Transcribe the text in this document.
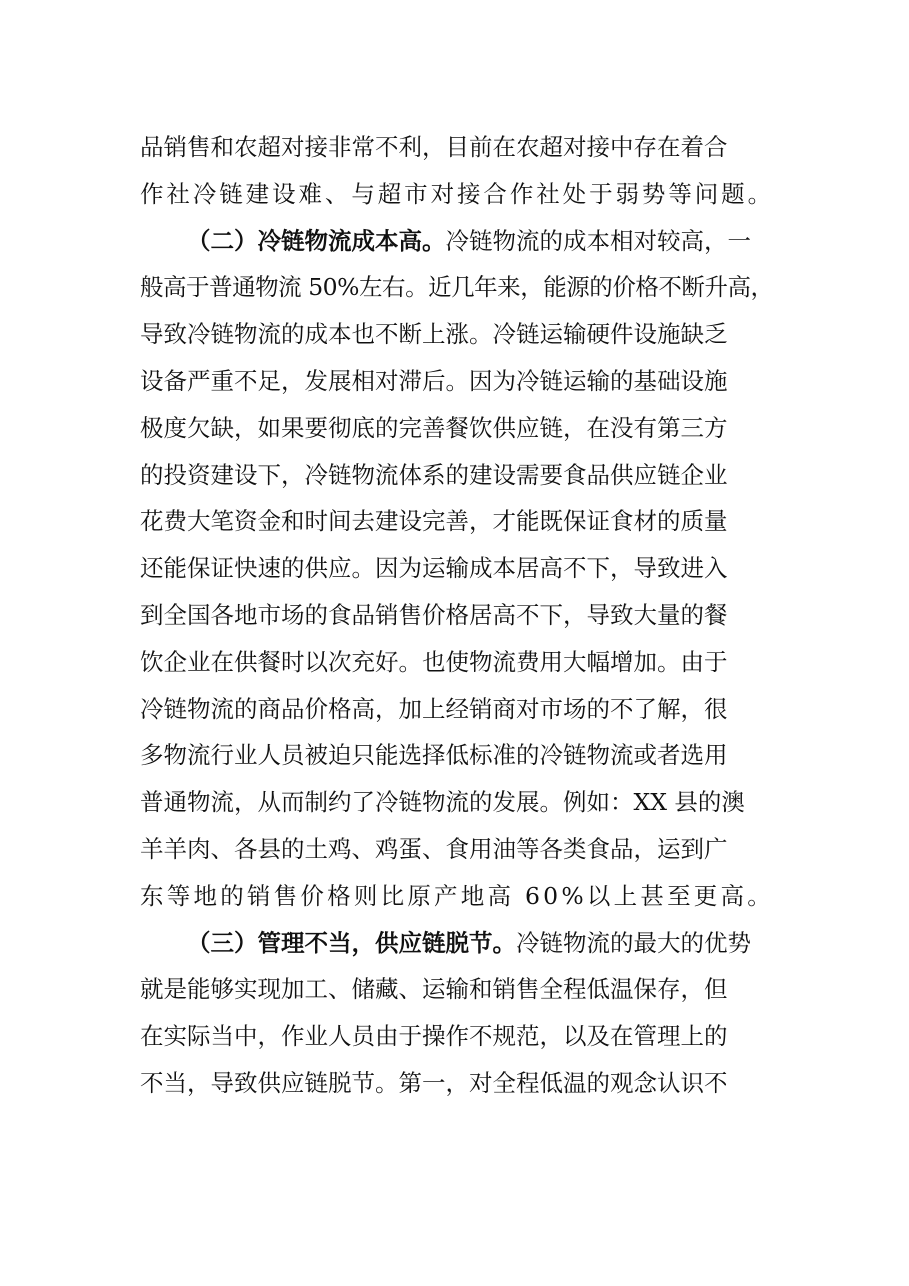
品销售和农超对接非常不利，目前在农超对接中存在着合
作社冷链建设难、与超市对接合作社处于弱势等问题。
（二）冷链物流成本高。冷链物流的成本相对较高，一
般高于普通物流 50%左右。近几年来，能源的价格不断升高，
导致冷链物流的成本也不断上涨。冷链运输硬件设施缺乏
设备严重不足，发展相对滞后。因为冷链运输的基础设施
极度欠缺，如果要彻底的完善餐饮供应链，在没有第三方
的投资建设下，冷链物流体系的建设需要食品供应链企业
花费大笔资金和时间去建设完善，才能既保证食材的质量
还能保证快速的供应。因为运输成本居高不下，导致进入
到全国各地市场的食品销售价格居高不下，导致大量的餐
饮企业在供餐时以次充好。也使物流费用大幅增加。由于
冷链物流的商品价格高，加上经销商对市场的不了解，很
多物流行业人员被迫只能选择低标准的冷链物流或者选用
普通物流，从而制约了冷链物流的发展。例如：XX 县的澳
羊羊肉、各县的土鸡、鸡蛋、食用油等各类食品，运到广
东等地的销售价格则比原产地高 60%以上甚至更高。
（三）管理不当，供应链脱节。冷链物流的最大的优势
就是能够实现加工、储藏、运输和销售全程低温保存，但
在实际当中，作业人员由于操作不规范，以及在管理上的
不当，导致供应链脱节。第一，对全程低温的观念认识不
